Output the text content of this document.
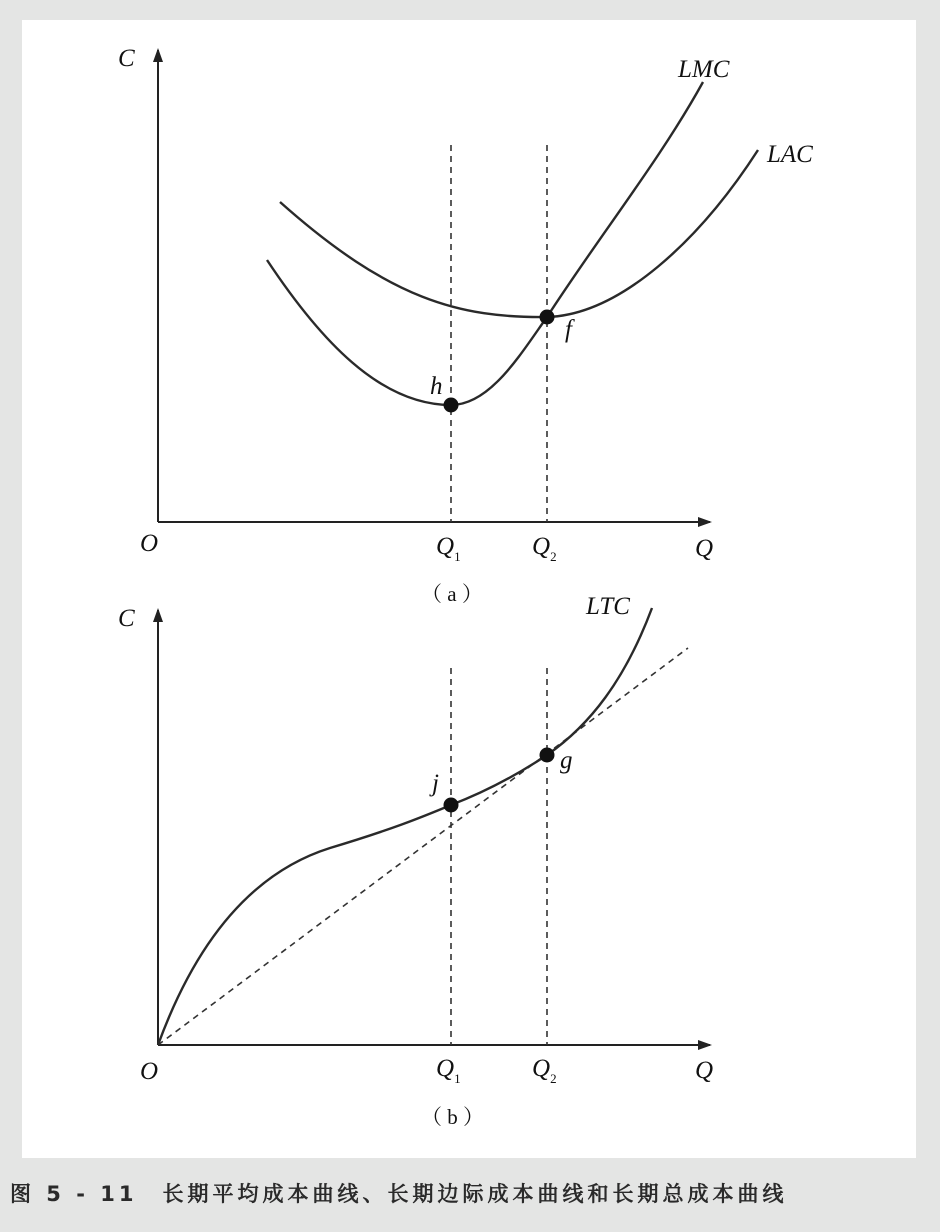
C
Q
O
LMC
LAC
h
f
$Q_1$	$Q_2$
（ a ）
C
Q
O
LTC
j
g
$Q_1$	$Q_2$
（ b ）
图 5 - 11　长期平均成本曲线、长期边际成本曲线和长期总成本曲线
